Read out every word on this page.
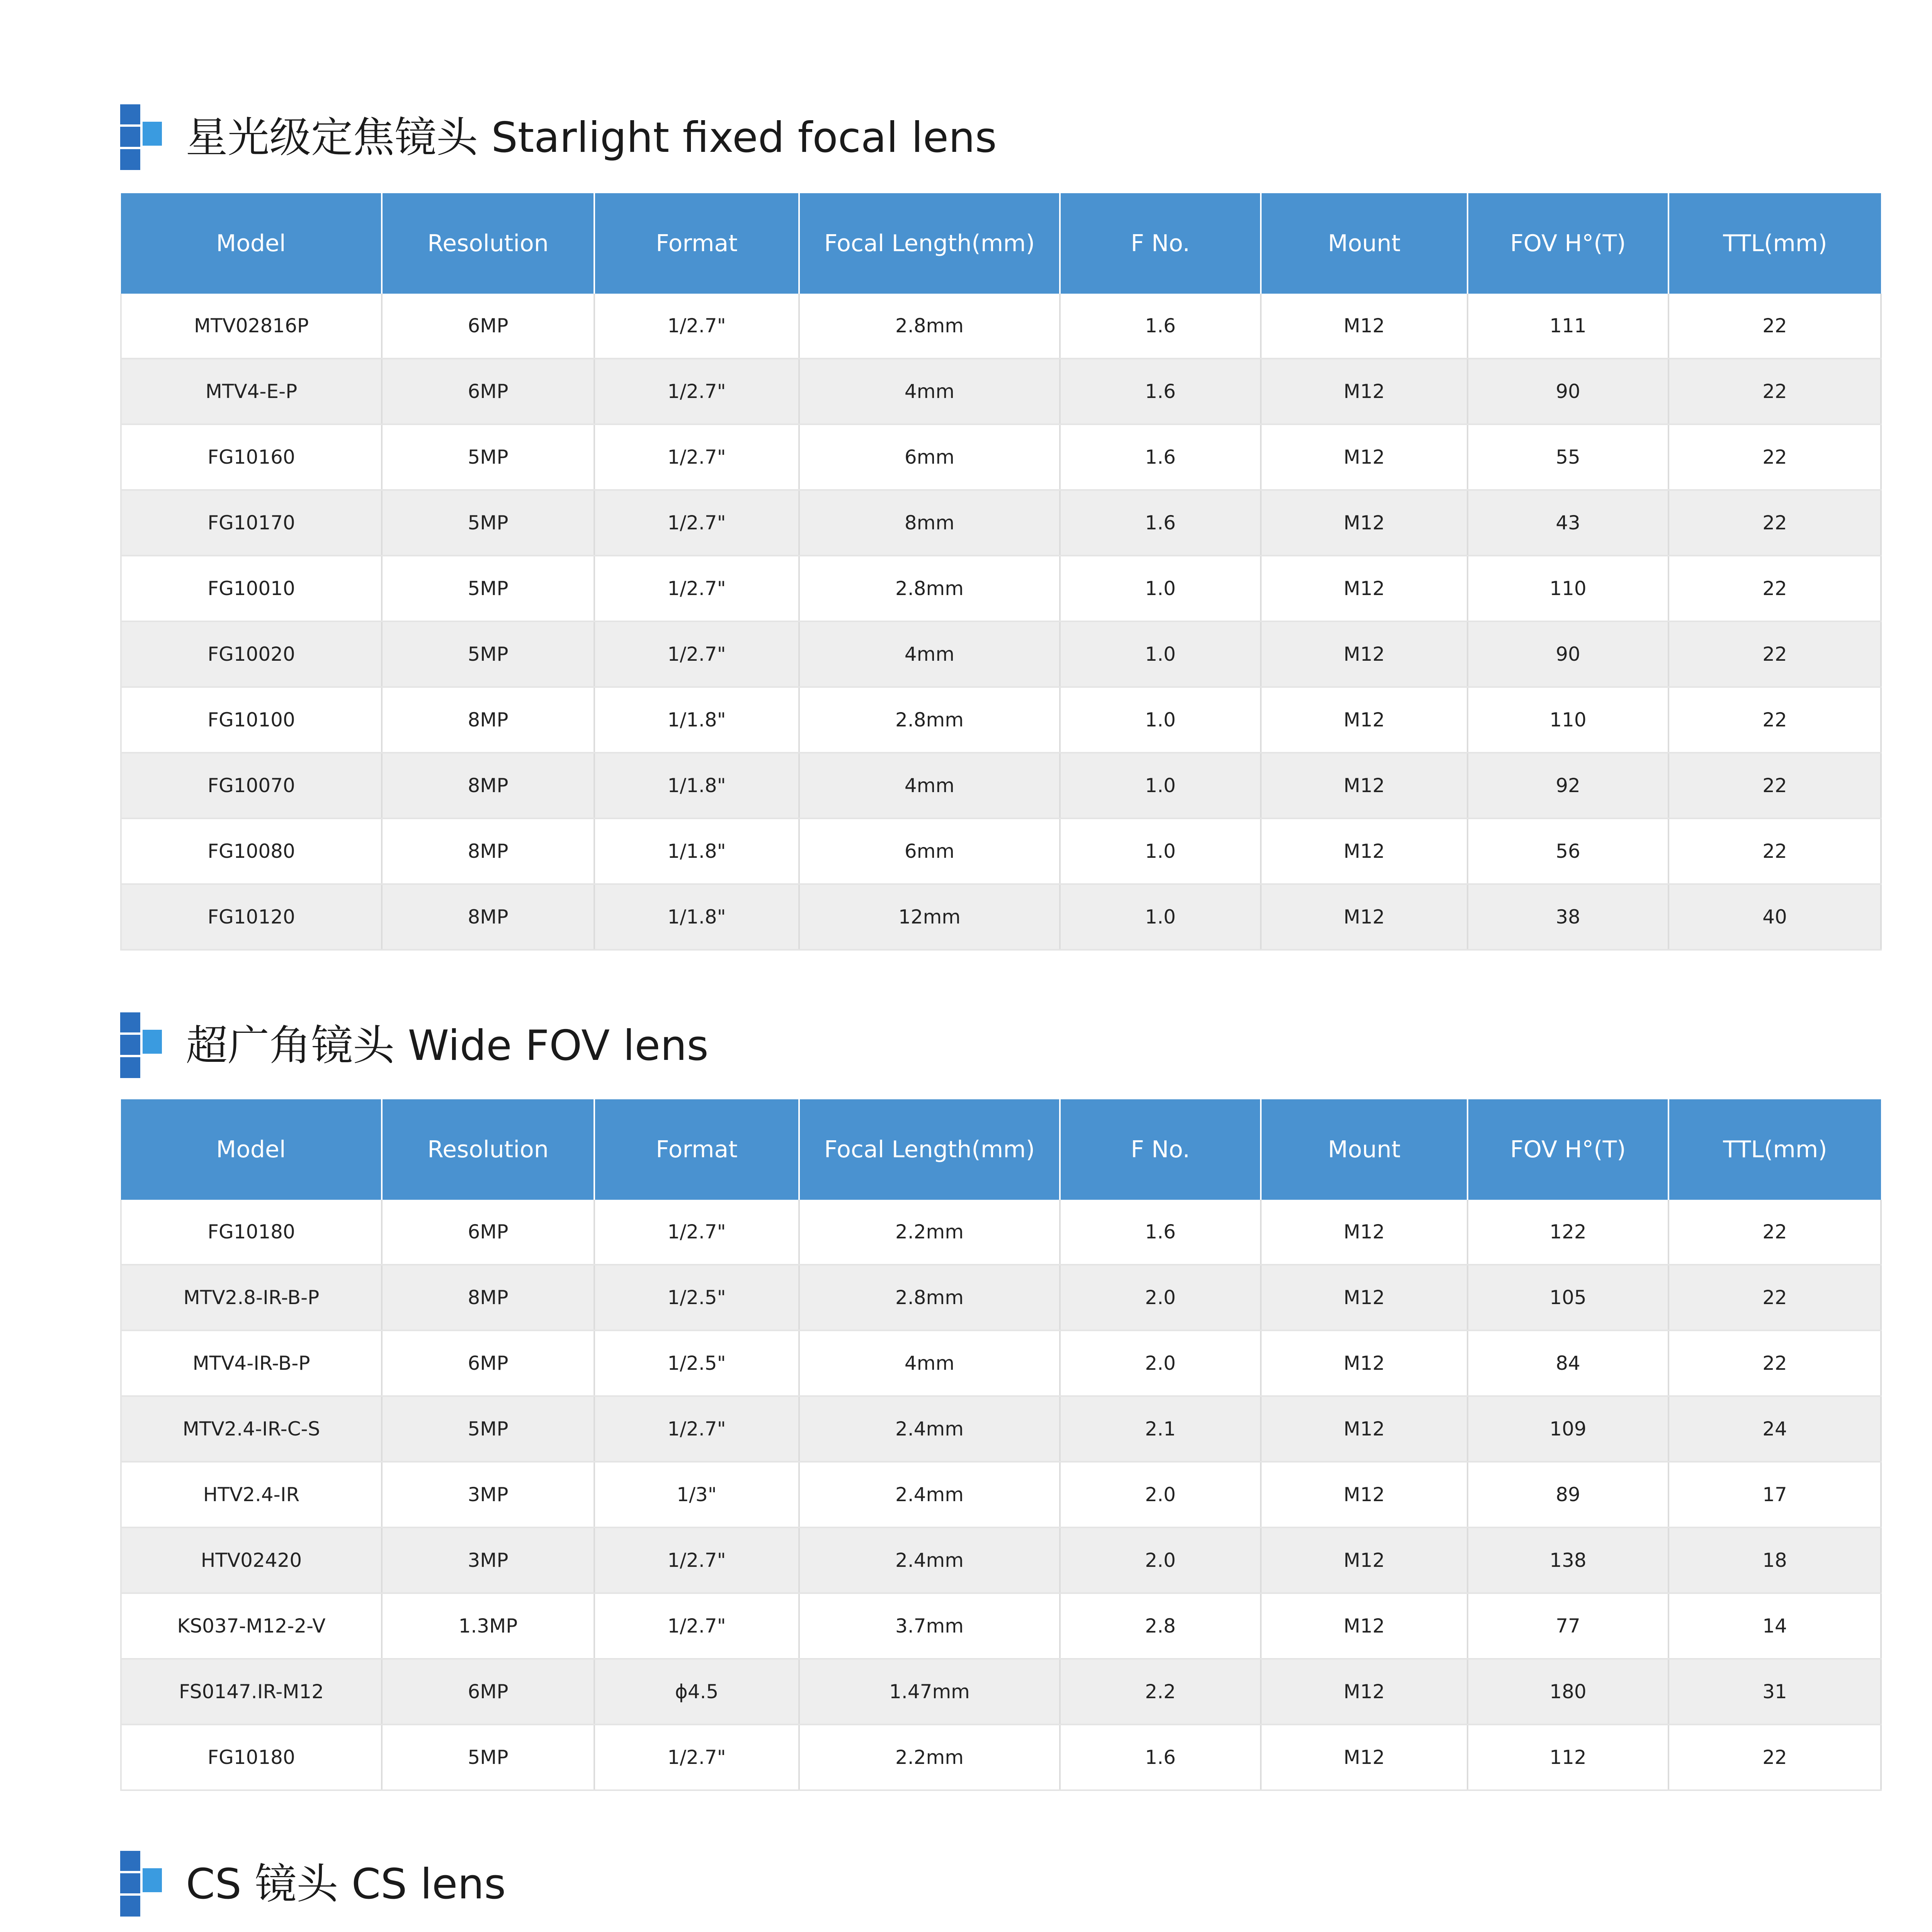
星光级定焦镜头 Starlight fixed focal lens
Model	Resolution	Format	Focal Length(mm)	F No.	Mount	FOV H°(T)	TTL(mm)
MTV02816P	6MP	1/2.7"	2.8mm	1.6	M12	111	22
MTV4-E-P	6MP	1/2.7"	4mm	1.6	M12	90	22
FG10160	5MP	1/2.7"	6mm	1.6	M12	55	22
FG10170	5MP	1/2.7"	8mm	1.6	M12	43	22
FG10010	5MP	1/2.7"	2.8mm	1.0	M12	110	22
FG10020	5MP	1/2.7"	4mm	1.0	M12	90	22
FG10100	8MP	1/1.8"	2.8mm	1.0	M12	110	22
FG10070	8MP	1/1.8"	4mm	1.0	M12	92	22
FG10080	8MP	1/1.8"	6mm	1.0	M12	56	22
FG10120	8MP	1/1.8"	12mm	1.0	M12	38	40
超广角镜头 Wide FOV lens
Model	Resolution	Format	Focal Length(mm)	F No.	Mount	FOV H°(T)	TTL(mm)
FG10180	6MP	1/2.7"	2.2mm	1.6	M12	122	22
MTV2.8-IR-B-P	8MP	1/2.5"	2.8mm	2.0	M12	105	22
MTV4-IR-B-P	6MP	1/2.5"	4mm	2.0	M12	84	22
MTV2.4-IR-C-S	5MP	1/2.7"	2.4mm	2.1	M12	109	24
HTV2.4-IR	3MP	1/3"	2.4mm	2.0	M12	89	17
HTV02420	3MP	1/2.7"	2.4mm	2.0	M12	138	18
KS037-M12-2-V	1.3MP	1/2.7"	3.7mm	2.8	M12	77	14
FS0147.IR-M12	6MP	ϕ4.5	1.47mm	2.2	M12	180	31
FG10180	5MP	1/2.7"	2.2mm	1.6	M12	112	22
CS 镜头 CS lens
